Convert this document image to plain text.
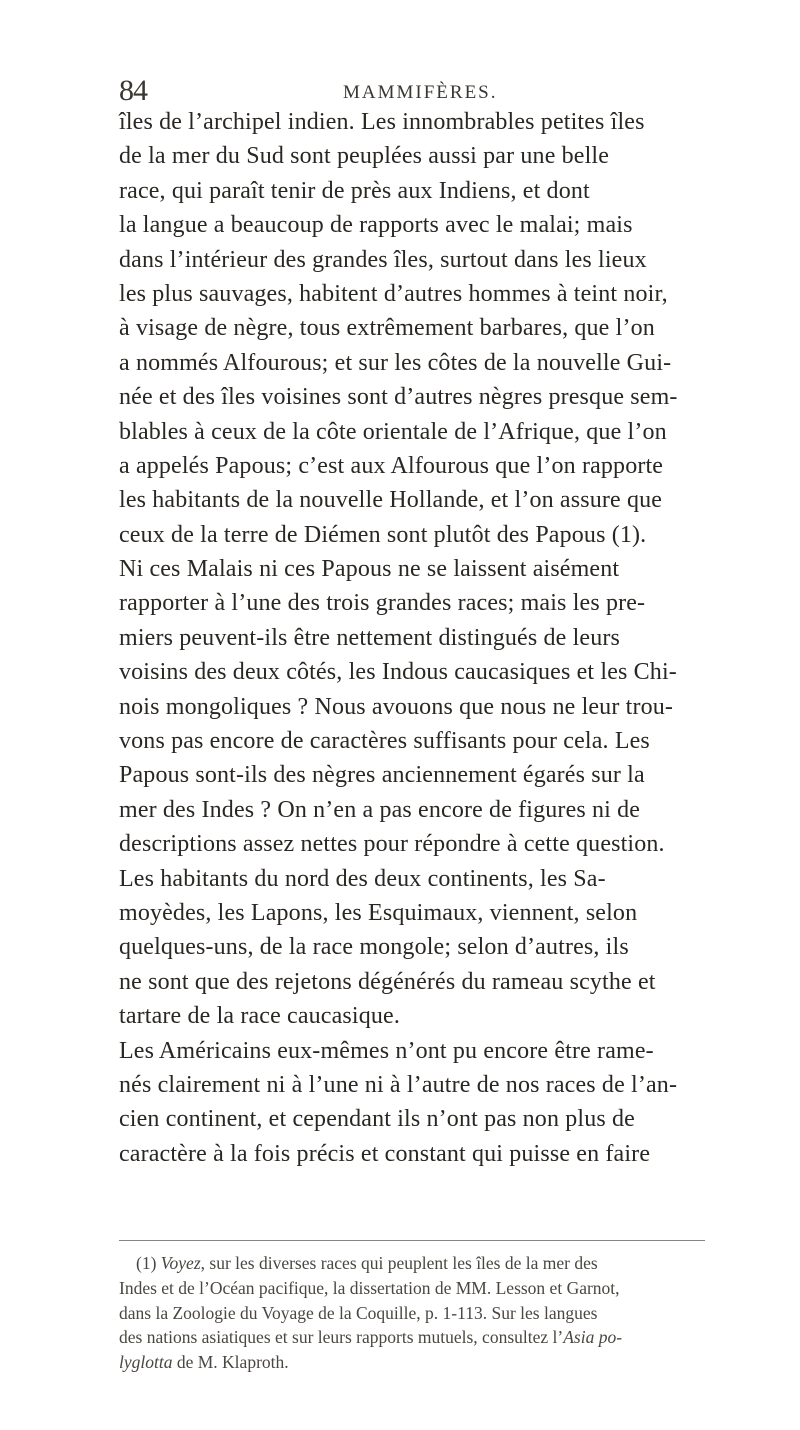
84	MAMMIFÈRES.
îles de l’archipel indien. Les innombrables petites îles
de la mer du Sud sont peuplées aussi par une belle
race, qui paraît tenir de près aux Indiens, et dont
la langue a beaucoup de rapports avec le malai; mais
dans l’intérieur des grandes îles, surtout dans les lieux
les plus sauvages, habitent d’autres hommes à teint noir,
à visage de nègre, tous extrêmement barbares, que l’on
a nommés Alfourous; et sur les côtes de la nouvelle Gui-
née et des îles voisines sont d’autres nègres presque sem-
blables à ceux de la côte orientale de l’Afrique, que l’on
a appelés Papous; c’est aux Alfourous que l’on rapporte
les habitants de la nouvelle Hollande, et l’on assure que
ceux de la terre de Diémen sont plutôt des Papous (1).
Ni ces Malais ni ces Papous ne se laissent aisément
rapporter à l’une des trois grandes races; mais les pre-
miers peuvent-ils être nettement distingués de leurs
voisins des deux côtés, les Indous caucasiques et les Chi-
nois mongoliques ? Nous avouons que nous ne leur trou-
vons pas encore de caractères suffisants pour cela. Les
Papous sont-ils des nègres anciennement égarés sur la
mer des Indes ? On n’en a pas encore de figures ni de
descriptions assez nettes pour répondre à cette question.
Les habitants du nord des deux continents, les Sa-
moyèdes, les Lapons, les Esquimaux, viennent, selon
quelques-uns, de la race mongole; selon d’autres, ils
ne sont que des rejetons dégénérés du rameau scythe et
tartare de la race caucasique.
Les Américains eux-mêmes n’ont pu encore être rame-
nés clairement ni à l’une ni à l’autre de nos races de l’an-
cien continent, et cependant ils n’ont pas non plus de
caractère à la fois précis et constant qui puisse en faire
(1) Voyez, sur les diverses races qui peuplent les îles de la mer des
Indes et de l’Océan pacifique, la dissertation de MM. Lesson et Garnot,
dans la Zoologie du Voyage de la Coquille, p. 1-113. Sur les langues
des nations asiatiques et sur leurs rapports mutuels, consultez l’Asia po-
lyglotta de M. Klaproth.
